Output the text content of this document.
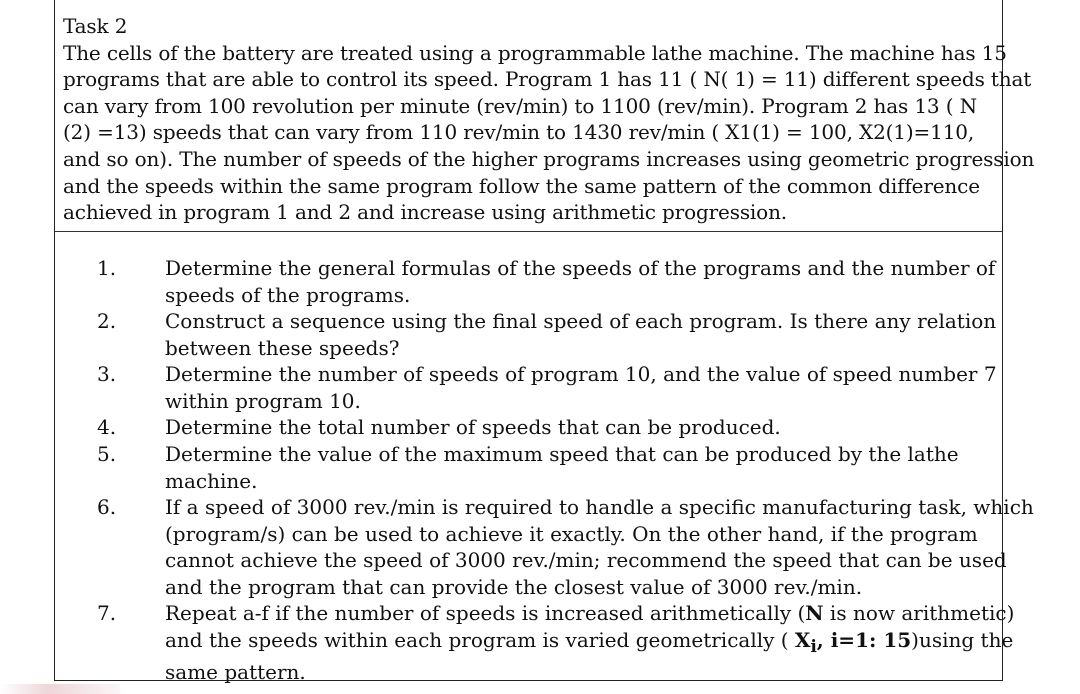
Task 2
The cells of the battery are treated using a programmable lathe machine. The machine has 15
programs that are able to control its speed. Program 1 has 11 ( N( 1) = 11) different speeds that
can vary from 100 revolution per minute (rev/min) to 1100 (rev/min). Program 2 has 13 ( N
(2) =13) speeds that can vary from 110 rev/min to 1430 rev/min ( X1(1) = 100, X2(1)=110,
and so on). The number of speeds of the higher programs increases using geometric progression
and the speeds within the same program follow the same pattern of the common difference
achieved in program 1 and 2 and increase using arithmetic progression.
1. Determine the general formulas of the speeds of the programs and the number of
speeds of the programs.
2. Construct a sequence using the final speed of each program. Is there any relation
between these speeds?
3. Determine the number of speeds of program 10, and the value of speed number 7
within program 10.
4. Determine the total number of speeds that can be produced.
5. Determine the value of the maximum speed that can be produced by the lathe
machine.
6. If a speed of 3000 rev./min is required to handle a specific manufacturing task, which
(program/s) can be used to achieve it exactly. On the other hand, if the program
cannot achieve the speed of 3000 rev./min; recommend the speed that can be used
and the program that can provide the closest value of 3000 rev./min.
7. Repeat a-f if the number of speeds is increased arithmetically (N is now arithmetic)
and the speeds within each program is varied geometrically ( $X_i$, i=1: 15)using the
same pattern.
